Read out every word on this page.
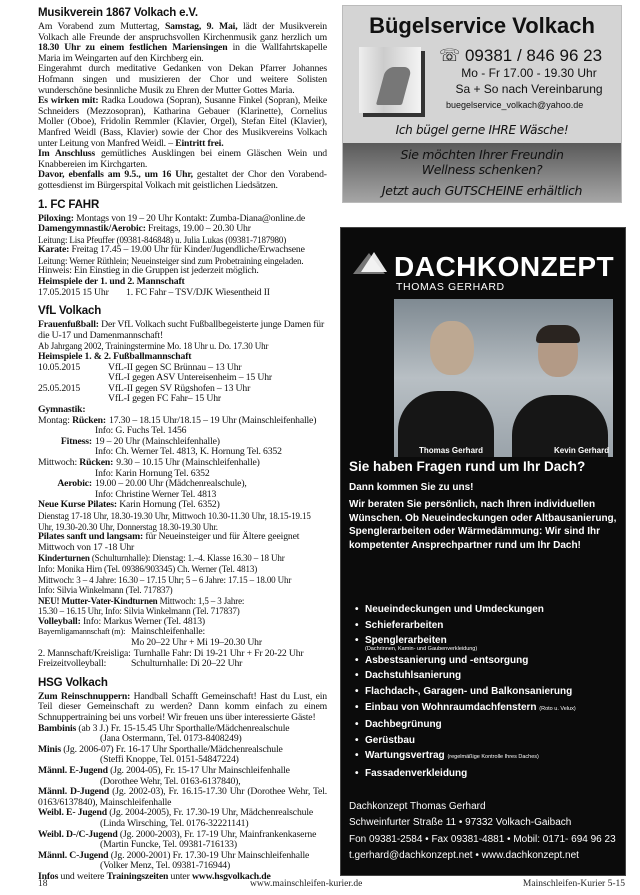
Musikverein 1867 Volkach e.V.
Am Vorabend zum Muttertag, Samstag, 9. Mai, lädt der Musikverein Volkach alle Freunde der anspruchsvollen Kirchenmusik ganz herzlich um 18.30 Uhr zu einem festlichen Mariensingen in die Wallfahrtskapelle Maria im Weingarten auf den Kirchberg ein.
Eingerahmt durch meditative Gedanken von Dekan Pfarrer Johannes Hofmann singen und musizieren der Chor und weitere Solisten wunderschöne besinnliche Musik zu Ehren der Mutter Gottes Maria.
Es wirken mit: Radka Loudowa (Sopran), Susanne Finkel (Sopran), Meike Schneiders (Mezzosopran), Katharina Gebauer (Klarinette), Cornelius Moller (Oboe), Fridolin Remmler (Klavier, Orgel), Stefan Eitel (Klavier), Manfred Weidl (Bass, Klavier) sowie der Chor des Musikvereins Volkach unter Leitung von Manfred Weidl. – Eintritt frei.
Im Anschluss gemütliches Ausklingen bei einem Gläschen Wein und Knabbereien im Kirchgarten.
Davor, ebenfalls am 9.5., um 16 Uhr, gestaltet der Chor den Vorabendgottesdienst im Bürgerspital Volkach mit geistlichen Liedsätzen.
1. FC FAHR
Piloxing: Montags von 19 – 20 Uhr Kontakt: Zumba-Diana@online.de
Damengymnastik/Aerobic: Freitags, 19.00 – 20.30 Uhr
Leitung: Lisa Pfeuffer (09381-846848) u. Julia Lukas (09381-7187980)
Karate: Freitag 17.45 – 19.00 Uhr für Kinder/Jugendliche/Erwachsene
Leitung: Werner Rüthlein; Neueinsteiger sind zum Probetraining eingeladen.
Hinweis: Ein Einstieg in die Gruppen ist jederzeit möglich.
Heimspiele der 1. und 2. Mannschaft
17.05.2015 15 Uhr	1. FC Fahr – TSV/DJK Wiesentheid II
VfL Volkach
Frauenfußball: Der VfL Volkach sucht Fußballbegeisterte junge Damen für die U-17 und Damenmannschaft!
Ab Jahrgang 2002, Trainingstermine Mo. 18 Uhr u. Do. 17.30 Uhr
Heimspiele 1. & 2. Fußballmannschaft
10.05.2015	VfL-II gegen SC Brünnau – 13 Uhr
VfL-I gegen ASV Untereisenheim – 15 Uhr
25.05.2015	VfL-II gegen SV Rügshofen – 13 Uhr
VfL-I gegen FC Fahr– 15 Uhr
Gymnastik:
Montag: Rücken: 17.30 – 18.15 Uhr/18.15 – 19 Uhr (Mainschleifenhalle)
Info: G. Fuchs Tel. 1456
Fitness: 19 – 20 Uhr (Mainschleifenhalle)
Info: Ch. Werner Tel. 4813, K. Hornung Tel. 6352
Mittwoch: Rücken: 9.30 – 10.15 Uhr (Mainschleifenhalle)
Info: Karin Hornung Tel. 6352
Aerobic: 19.00 – 20.00 Uhr (Mädchenrealschule),
Info: Christine Werner Tel. 4813
Neue Kurse Pilates: Karin Hornung (Tel. 6352)
Dienstag 17-18 Uhr, 18.30-19.30 Uhr, Mittwoch 10.30-11.30 Uhr, 18.15-19.15 Uhr, 19.30-20.30 Uhr, Donnerstag 18.30-19.30 Uhr.
Pilates sanft und langsam: für Neueinsteiger und für Ältere geeignet Mittwoch von 17 -18 Uhr
Kinderturnen (Schulturnhalle): Dienstag: 1.–4. Klasse 16.30 – 18 Uhr
Info: Monika Hirn (Tel. 09386/903345) Ch. Werner (Tel. 4813)
Mittwoch: 3 – 4 Jahre: 16.30 – 17.15 Uhr; 5 – 6 Jahre: 17.15 – 18.00 Uhr
Info: Silvia Winkelmann (Tel. 717837)
NEU! Mutter-Vater-Kindturnen Mittwoch: 1,5 – 3 Jahre:
15.30 – 16.15 Uhr, Info: Silvia Winkelmann (Tel. 717837)
Volleyball: Info: Markus Werner (Tel. 4813)
Bayernligamannschaft (m): Mainschleifenhalle:
Mo 20–22 Uhr + Mi 19–20.30 Uhr
2. Mannschaft/Kreisliga: Turnhalle Fahr: Di 19-21 Uhr + Fr 20-22 Uhr
Freizeitvolleyball:	Schulturnhalle: Di 20–22 Uhr
HSG Volkach
Zum Reinschnuppern: Handball Schafft Gemeinschaft! Hast du Lust, ein Teil dieser Gemeinschaft zu werden? Dann komm einfach zu einem Schnuppertraining bei uns vorbei! Wir freuen uns über interessierte Gäste!
Bambinis (ab 3 J.) Fr. 15-15.45 Uhr Sporthalle/Mädchenrealschule
(Jana Ostermann, Tel. 0173-8408249)
Minis (Jg. 2006-07) Fr. 16-17 Uhr Sporthalle/Mädchenrealschule
(Steffi Knoppe, Tel. 0151-54847224)
Männl. E-Jugend (Jg. 2004-05), Fr. 15-17 Uhr Mainschleifenhalle
(Dorothee Wehr, Tel. 0163-6137840),
Männl. D-Jugend (Jg. 2002-03), Fr. 16.15-17.30 Uhr (Dorothee Wehr, Tel. 0163/6137840), Mainschleifenhalle
Weibl. E- Jugend (Jg. 2004-2005), Fr. 17.30-19 Uhr, Mädchenrealschule
(Linda Wirsching, Tel. 0176-32221141)
Weibl. D-/C-Jugend (Jg. 2000-2003), Fr. 17-19 Uhr, Mainfrankenkaserne
(Martin Funcke, Tel. 09381-716133)
Männl. C-Jugend (Jg. 2000-2001) Fr. 17.30-19 Uhr Mainschleifenhalle
(Volker Menz, Tel. 09381-716944)
Infos und weitere Trainingszeiten unter www.hsgvolkach.de
18	www.mainschleifen-kurier.de	Mainschleifen-Kurier 5-15
Bügelservice Volkach
☏ 09381 / 846 96 23
Mo - Fr 17.00 - 19.30 Uhr
Sa + So nach Vereinbarung
buegelservice_volkach@yahoo.de
Ich bügel gerne IHRE Wäsche!
Sie möchten Ihrer Freundin Wellness schenken?
Jetzt auch GUTSCHEINE erhältlich
DACHKONZEPT
THOMAS GERHARD
Thomas Gerhard	Kevin Gerhard
Sie haben Fragen rund um Ihr Dach?
Dann kommen Sie zu uns!
Wir beraten Sie persönlich, nach Ihren individuellen Wünschen. Ob Neueindeckungen oder Altbausanierung, Spenglerarbeiten oder Wärmedämmung: Wir sind Ihr kompetenter Ansprechpartner rund um Ihr Dach!
• Neueindeckungen und Umdeckungen
• Schieferarbeiten
• Spenglerarbeiten
(Dachrinnen, Kamin- und Gaubenverkleidung)
• Asbestsanierung und -entsorgung
• Dachstuhlsanierung
• Flachdach-, Garagen- und Balkonsanierung
• Einbau von Wohnraumdachfenstern (Roto u. Velux)
• Dachbegrünung
• Gerüstbau
• Wartungsvertrag (regelmäßige Kontrolle Ihres Daches)
• Fassadenverkleidung
Dachkonzept Thomas Gerhard
Schweinfurter Straße 11 • 97332 Volkach-Gaibach
Fon 09381-2584 • Fax 09381-4881 • Mobil: 0171- 694 96 23
t.gerhard@dachkonzept.net • www.dachkonzept.net
